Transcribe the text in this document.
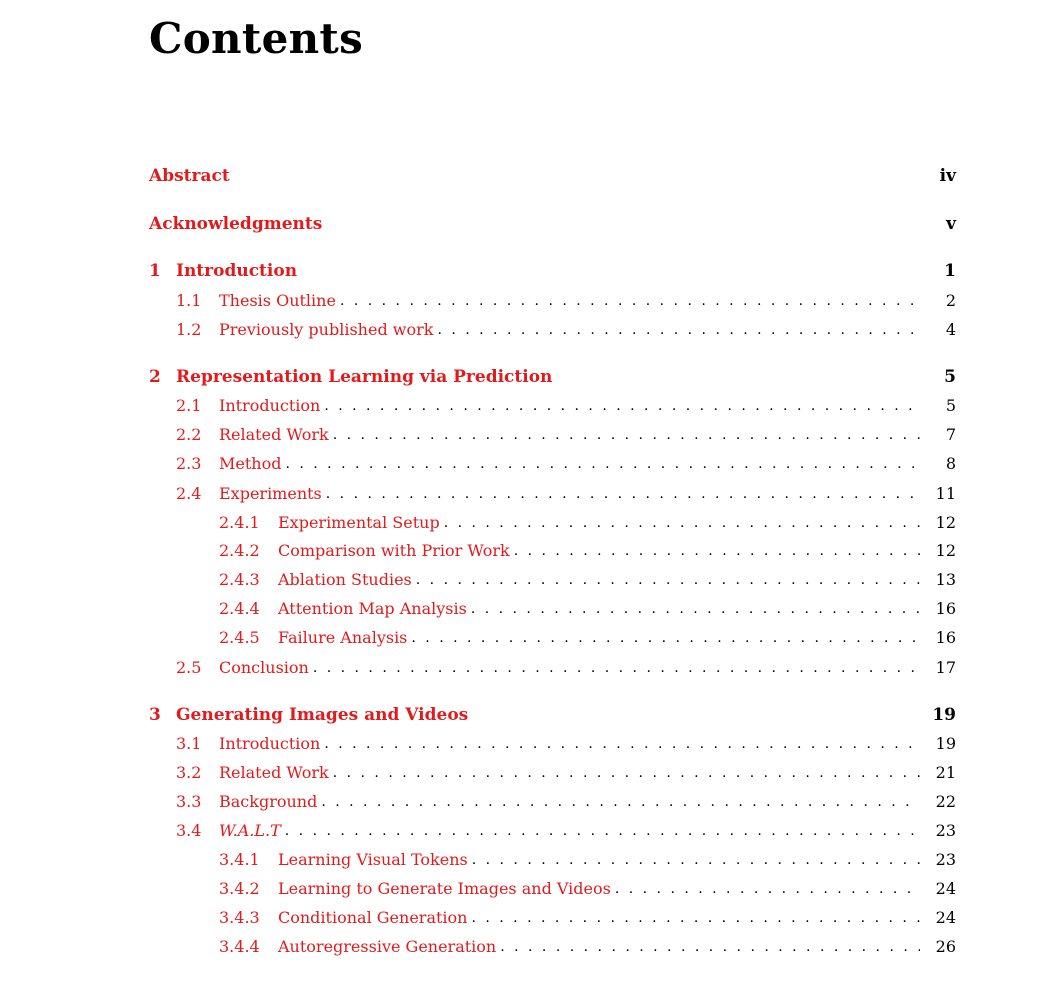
Contents
Abstract	iv
Acknowledgments	v
1 Introduction	1
1.1	Thesis Outline . . .	2
1.2	Previously published work . . .	4
2 Representation Learning via Prediction	5
2.1	Introduction . . .	5
2.2	Related Work . . .	7
2.3	Method . . .	8
2.4	Experiments . . .	11
2.4.1	Experimental Setup . . .	12
2.4.2	Comparison with Prior Work . . .	12
2.4.3	Ablation Studies . . .	13
2.4.4	Attention Map Analysis . . .	16
2.4.5	Failure Analysis . . .	16
2.5	Conclusion . . .	17
3 Generating Images and Videos	19
3.1	Introduction . . .	19
3.2	Related Work . . .	21
3.3	Background . . .	22
3.4	W.A.L.T . . .	23
3.4.1	Learning Visual Tokens . . .	23
3.4.2	Learning to Generate Images and Videos . . .	24
3.4.3	Conditional Generation . . .	24
3.4.4	Autoregressive Generation . . .	26
